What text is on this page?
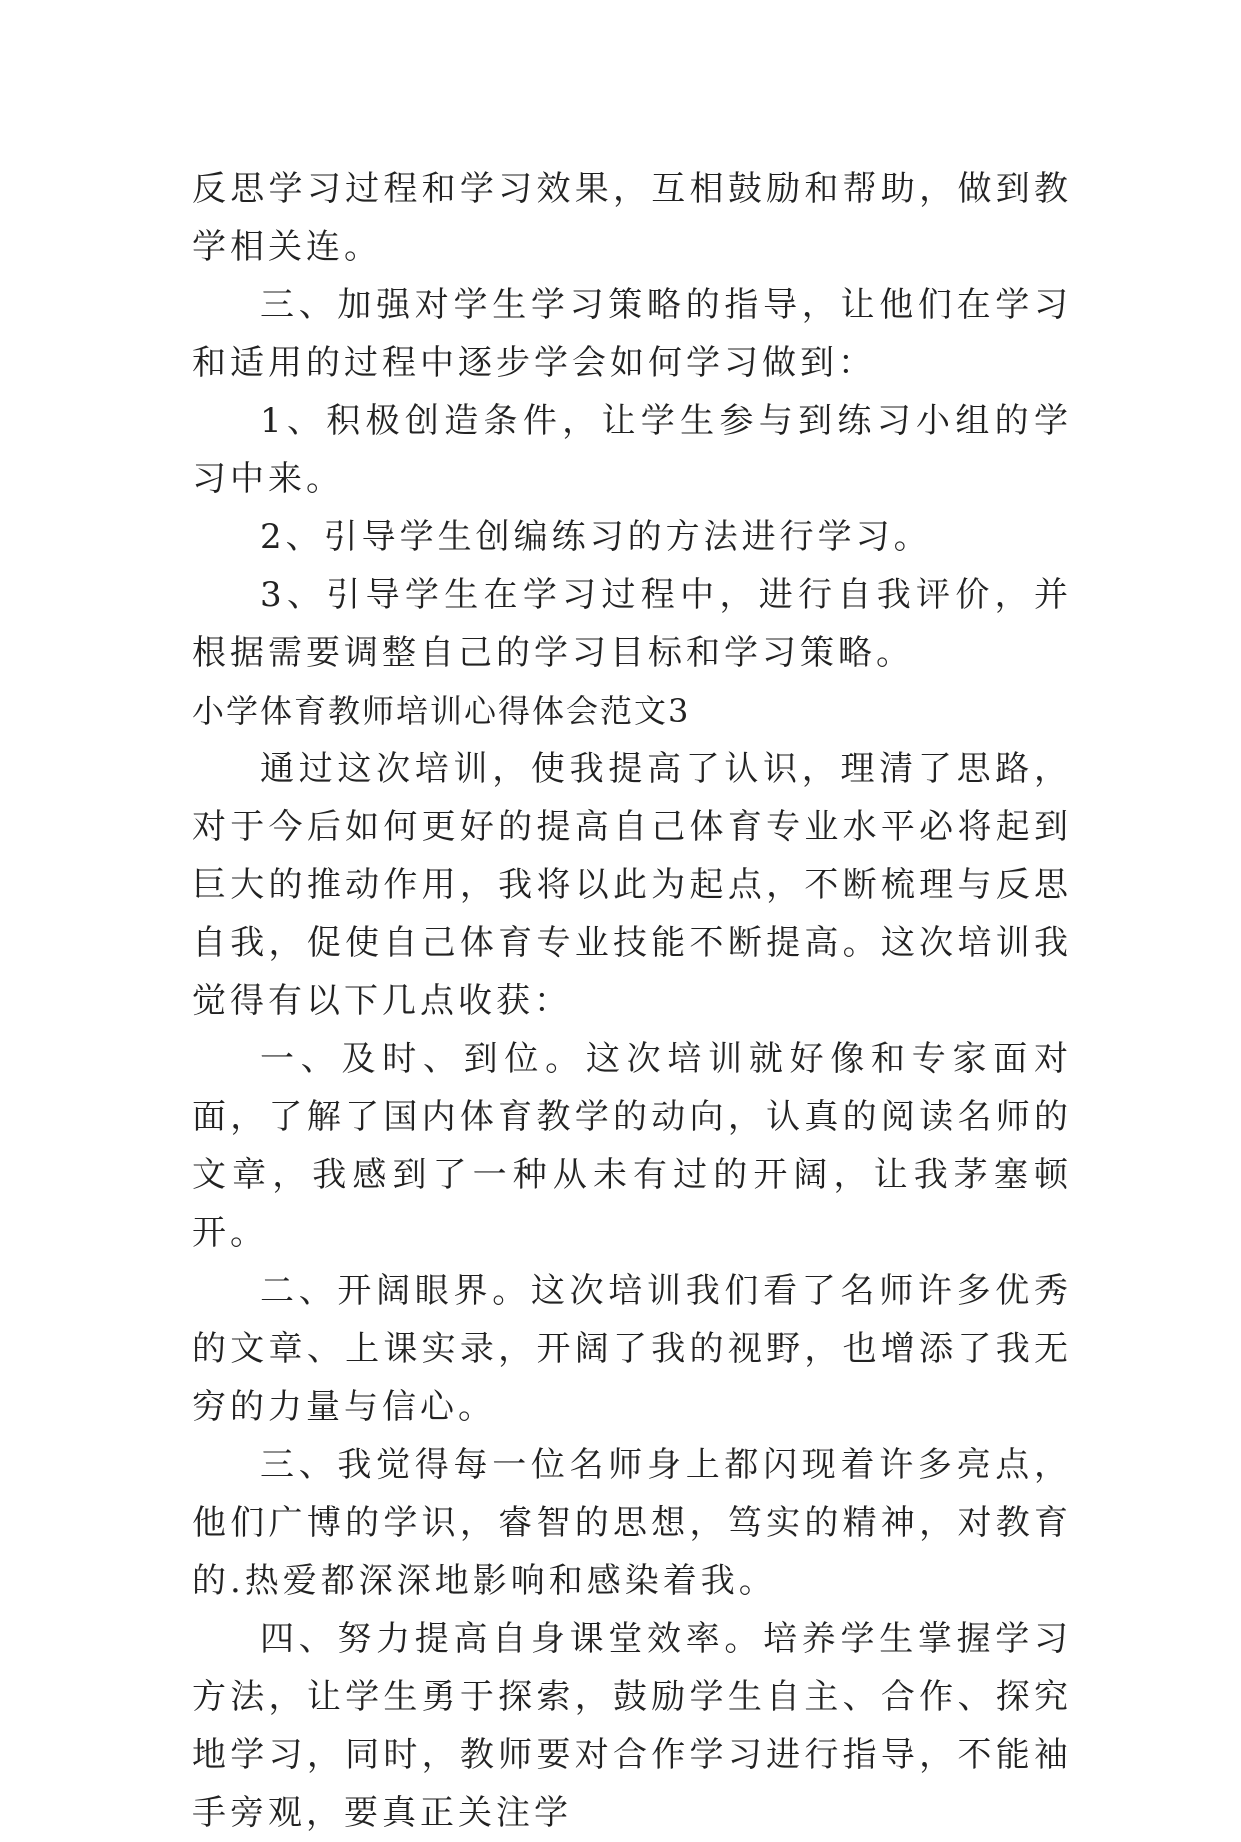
反思学习过程和学习效果，互相鼓励和帮助，做到教学相关连。

三、加强对学生学习策略的指导，让他们在学习和适用的过程中逐步学会如何学习做到：

1、积极创造条件，让学生参与到练习小组的学习中来。

2、引导学生创编练习的方法进行学习。

3、引导学生在学习过程中，进行自我评价，并根据需要调整自己的学习目标和学习策略。

小学体育教师培训心得体会范文3

通过这次培训，使我提高了认识，理清了思路，对于今后如何更好的提高自己体育专业水平必将起到巨大的推动作用，我将以此为起点，不断梳理与反思自我，促使自己体育专业技能不断提高。这次培训我觉得有以下几点收获：

一、及时、到位。这次培训就好像和专家面对面，了解了国内体育教学的动向，认真的阅读名师的文章，我感到了一种从未有过的开阔，让我茅塞顿开。

二、开阔眼界。这次培训我们看了名师许多优秀的文章、上课实录，开阔了我的视野，也增添了我无穷的力量与信心。

三、我觉得每一位名师身上都闪现着许多亮点，他们广博的学识，睿智的思想，笃实的精神，对教育的.热爱都深深地影响和感染着我。

四、努力提高自身课堂效率。培养学生掌握学习方法，让学生勇于探索，鼓励学生自主、合作、探究地学习，同时，教师要对合作学习进行指导，不能袖手旁观，要真正关注学
